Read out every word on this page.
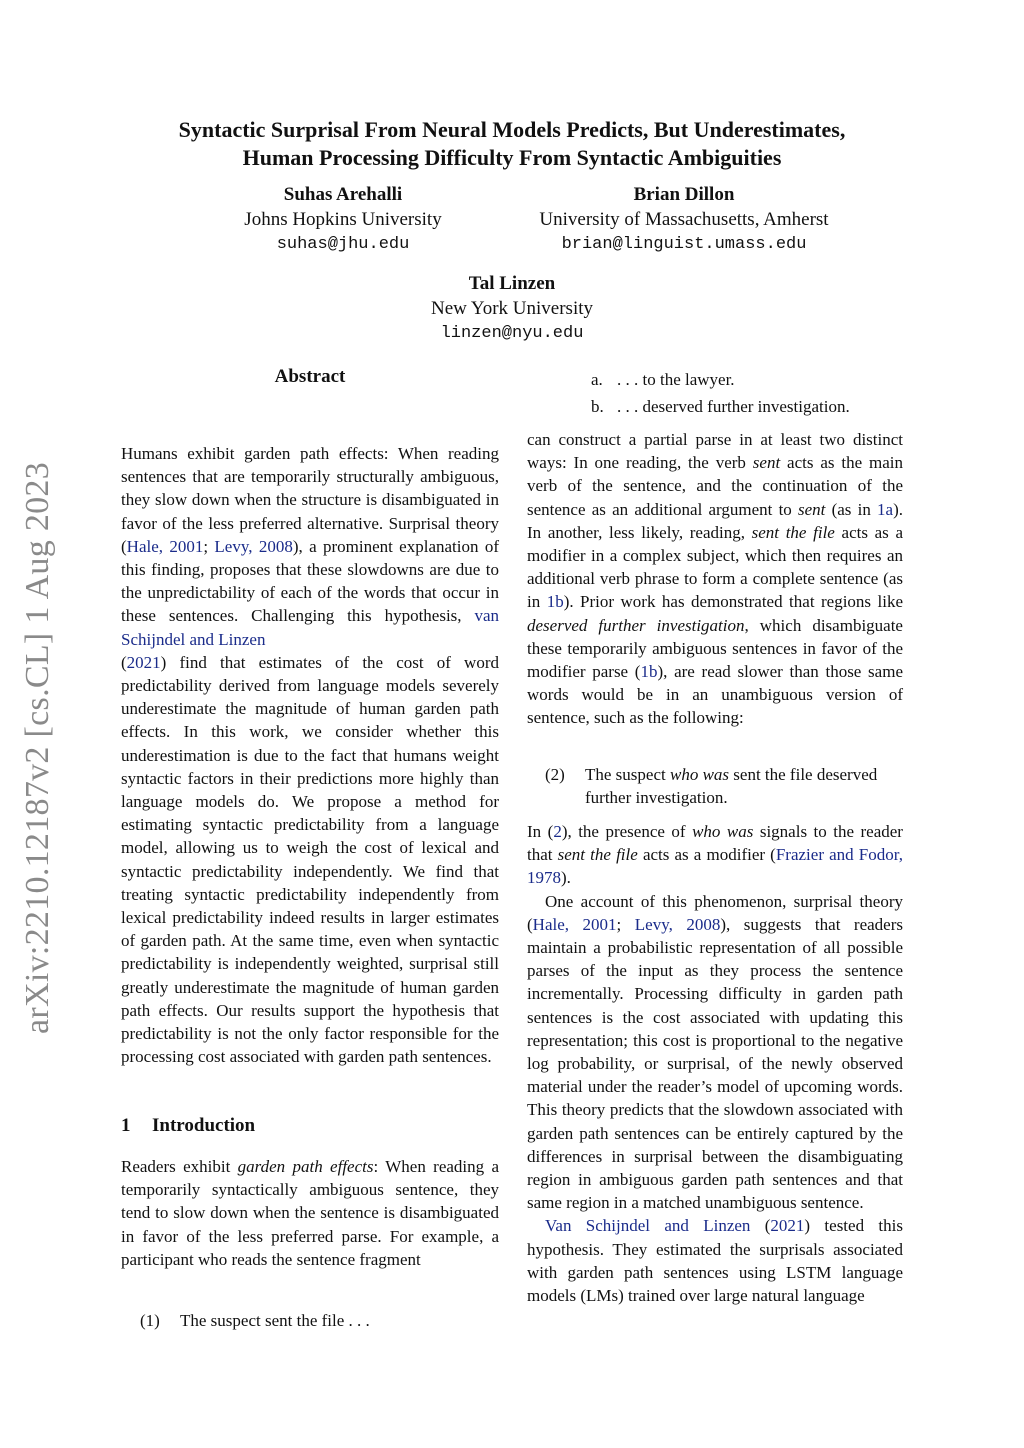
arXiv:2210.12187v2 [cs.CL] 1 Aug 2023
Syntactic Surprisal From Neural Models Predicts, But Underestimates,
Human Processing Difficulty From Syntactic Ambiguities
Suhas Arehalli
Johns Hopkins University
suhas@jhu.edu
Brian Dillon
University of Massachusetts, Amherst
brian@linguist.umass.edu
Tal Linzen
New York University
linzen@nyu.edu
Abstract

Humans exhibit garden path effects: When reading sentences that are temporarily structurally ambiguous, they slow down when the structure is disambiguated in favor of the less preferred alternative. Surprisal theory (Hale, 2001; Levy, 2008), a prominent explanation of this finding, proposes that these slowdowns are due to the unpredictability of each of the words that occur in these sentences. Challenging this hypothesis, van Schijndel and Linzen
(2021) find that estimates of the cost of word predictability derived from language models severely underestimate the magnitude of human garden path effects. In this work, we consider whether this underestimation is due to the fact that humans weight syntactic factors in their predictions more highly than language models do. We propose a method for estimating syntactic predictability from a language model, allowing us to weigh the cost of lexical and syntactic predictability independently. We find that treating syntactic predictability independently from lexical predictability indeed results in larger estimates of garden path. At the same time, even when syntactic predictability is independently weighted, surprisal still greatly underestimate the magnitude of human garden path effects. Our results support the hypothesis that predictability is not the only factor responsible for the processing cost associated with garden path sentences.

1 Introduction

Readers exhibit garden path effects: When reading a temporarily syntactically ambiguous sentence, they tend to slow down when the sentence is disambiguated in favor of the less preferred parse. For example, a participant who reads the sentence fragment

(1) The suspect sent the file . . .
a. . . . to the lawyer.
b. . . . deserved further investigation.

can construct a partial parse in at least two distinct ways: In one reading, the verb sent acts as the main verb of the sentence, and the continuation of the sentence as an additional argument to sent (as in 1a). In another, less likely, reading, sent the file acts as a modifier in a complex subject, which then requires an additional verb phrase to form a complete sentence (as in 1b). Prior work has demonstrated that regions like deserved further investigation, which disambiguate these temporarily ambiguous sentences in favor of the modifier parse (1b), are read slower than those same words would be in an unambiguous version of sentence, such as the following:

(2)	The suspect who was sent the file deserved further investigation.

In (2), the presence of who was signals to the reader that sent the file acts as a modifier (Frazier and Fodor, 1978).

One account of this phenomenon, surprisal theory (Hale, 2001; Levy, 2008), suggests that readers maintain a probabilistic representation of all possible parses of the input as they process the sentence incrementally. Processing difficulty in garden path sentences is the cost associated with updating this representation; this cost is proportional to the negative log probability, or surprisal, of the newly observed material under the reader’s model of upcoming words. This theory predicts that the slowdown associated with garden path sentences can be entirely captured by the differences in surprisal between the disambiguating region in ambiguous garden path sentences and that same region in a matched unambiguous sentence.

Van Schijndel and Linzen (2021) tested this hypothesis. They estimated the surprisals associated with garden path sentences using LSTM language models (LMs) trained over large natural language
